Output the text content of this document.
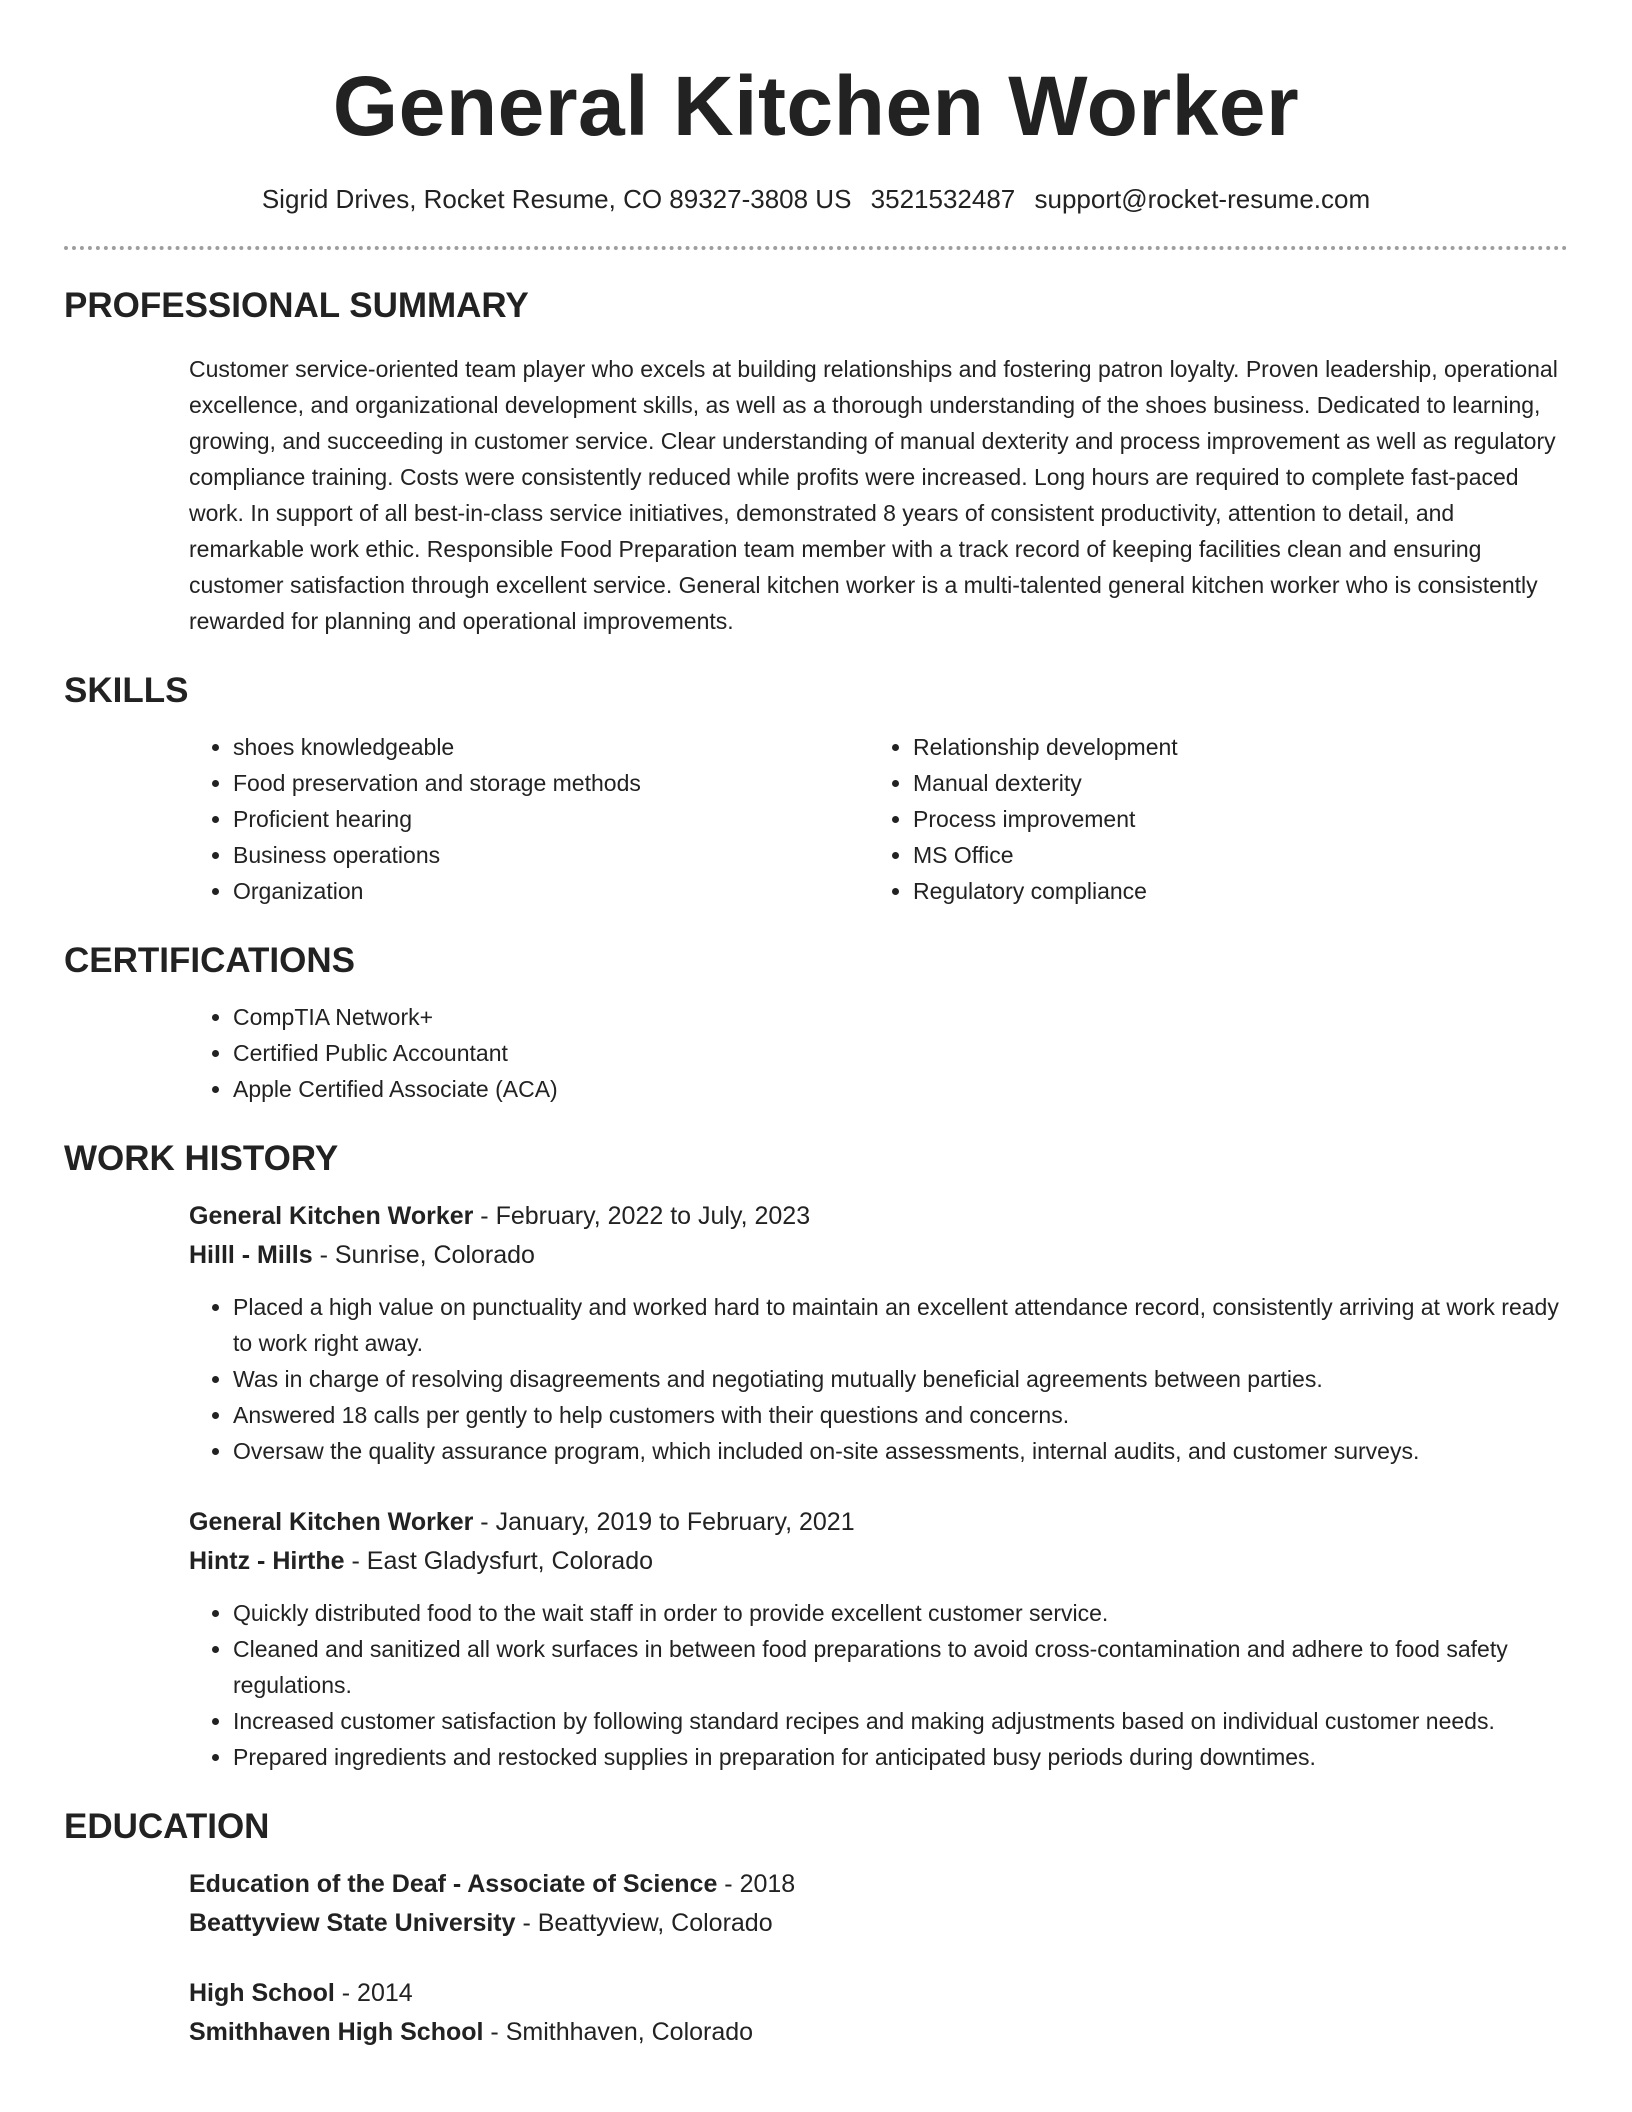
General Kitchen Worker
Sigrid Drives, Rocket Resume, CO 89327-3808 US 3521532487 support@rocket-resume.com
PROFESSIONAL SUMMARY

Customer service-oriented team player who excels at building relationships and fostering patron loyalty. Proven leadership, operational excellence, and organizational development skills, as well as a thorough understanding of the shoes business. Dedicated to learning, growing, and succeeding in customer service. Clear understanding of manual dexterity and process improvement as well as regulatory compliance training. Costs were consistently reduced while profits were increased. Long hours are required to complete fast-paced work. In support of all best-in-class service initiatives, demonstrated 8 years of consistent productivity, attention to detail, and remarkable work ethic. Responsible Food Preparation team member with a track record of keeping facilities clean and ensuring customer satisfaction through excellent service. General kitchen worker is a multi-talented general kitchen worker who is consistently rewarded for planning and operational improvements.

SKILLS
• shoes knowledgeable
• Food preservation and storage methods
• Proficient hearing
• Business operations
• Organization
• Relationship development
• Manual dexterity
• Process improvement
• MS Office
• Regulatory compliance
CERTIFICATIONS
• CompTIA Network+
• Certified Public Accountant
• Apple Certified Associate (ACA)
WORK HISTORY
General Kitchen Worker - February, 2022 to July, 2023
Hilll - Mills - Sunrise, Colorado
• Placed a high value on punctuality and worked hard to maintain an excellent attendance record, consistently arriving at work ready to work right away.
• Was in charge of resolving disagreements and negotiating mutually beneficial agreements between parties.
• Answered 18 calls per gently to help customers with their questions and concerns.
• Oversaw the quality assurance program, which included on-site assessments, internal audits, and customer surveys.
General Kitchen Worker - January, 2019 to February, 2021
Hintz - Hirthe - East Gladysfurt, Colorado
• Quickly distributed food to the wait staff in order to provide excellent customer service.
• Cleaned and sanitized all work surfaces in between food preparations to avoid cross-contamination and adhere to food safety regulations.
• Increased customer satisfaction by following standard recipes and making adjustments based on individual customer needs.
• Prepared ingredients and restocked supplies in preparation for anticipated busy periods during downtimes.
EDUCATION
Education of the Deaf - Associate of Science - 2018
Beattyview State University - Beattyview, Colorado
High School - 2014
Smithhaven High School - Smithhaven, Colorado
